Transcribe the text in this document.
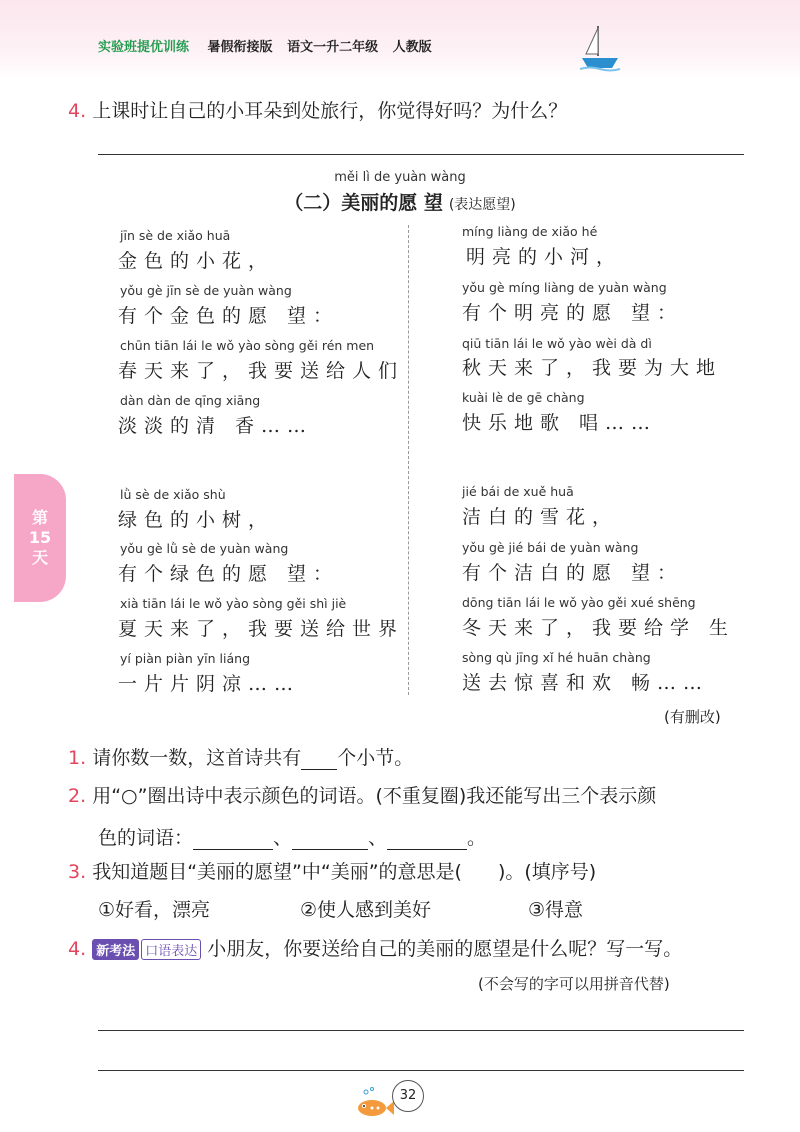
实验班提优训练 暑假衔接版 语文一升二年级 人教版
4. 上课时让自己的小耳朵到处旅行，你觉得好吗？为什么？
měi lì de yuàn wàng
（二）美丽的愿 望 (表达愿望)
jīn sè de xiǎo huā
金色的小花，
yǒu gè jīn sè de yuàn wàng
有个金色的愿 望：
chūn tiān lái le wǒ yào sòng gěi rén men
春天来了，我要送给人们
dàn dàn de qīng xiāng
淡淡的清 香……
míng liàng de xiǎo hé
明亮的小河，
yǒu gè míng liàng de yuàn wàng
有个明亮的愿 望：
qiū tiān lái le wǒ yào wèi dà dì
秋天来了，我要为大地
kuài lè de gē chàng
快乐地歌 唱……
lǜ sè de xiǎo shù
绿色的小树，
yǒu gè lǜ sè de yuàn wàng
有个绿色的愿 望：
xià tiān lái le wǒ yào sòng gěi shì jiè
夏天来了，我要送给世界
yí piàn piàn yīn liáng
一片片阴凉……
jié bái de xuě huā
洁白的雪花，
yǒu gè jié bái de yuàn wàng
有个洁白的愿 望：
dōng tiān lái le wǒ yào gěi xué shēng
冬天来了，我要给学 生
sòng qù jīng xǐ hé huān chàng
送去惊喜和欢 畅……
(有删改)
第
15
天
1. 请你数一数，这首诗共有 个小节。
2. 用“○”圈出诗中表示颜色的词语。(不重复圈)我还能写出三个表示颜
色的词语：	、	、	。
3. 我知道题目“美丽的愿望”中“美丽”的意思是( )。(填序号)
①好看，漂亮	②使人感到美好	③得意
4. 新考法 口语表达 小朋友，你要送给自己的美丽的愿望是什么呢？写一写。
(不会写的字可以用拼音代替)
32
